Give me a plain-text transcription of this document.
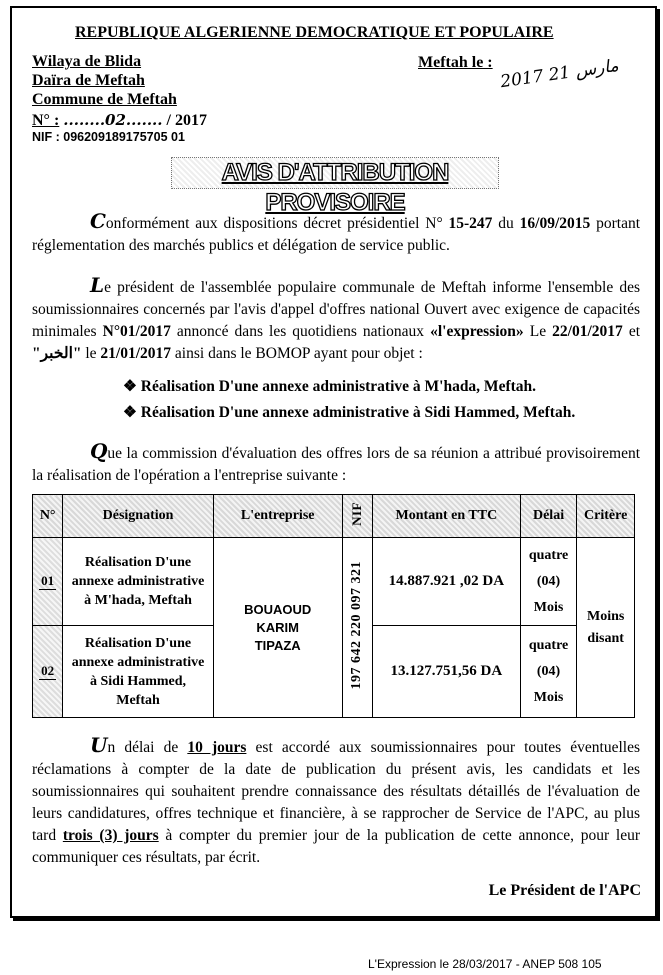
REPUBLIQUE ALGERIENNE DEMOCRATIQUE ET POPULAIRE
Wilaya de Blida
Daïra de Meftah
Commune de Meftah
N° : ........02....... / 2017
NIF : 096209189175705 01
Meftah le :
2017 مارس 21
AVIS D'ATTRIBUTION PROVISOIRE
Conformément aux dispositions décret présidentiel N° 15-247 du 16/09/2015 portant réglementation des marchés publics et délégation de service public.
Le président de l'assemblée populaire communale de Meftah informe l'ensemble des soumissionnaires concernés par l'avis d'appel d'offres national Ouvert avec exigence de capacités minimales N°01/2017 annoncé dans les quotidiens nationaux «l'expression» Le 22/01/2017 et "الخبر" le 21/01/2017 ainsi dans le BOMOP ayant pour objet :
❖ Réalisation D'une annexe administrative à M'hada, Meftah.
❖ Réalisation D'une annexe administrative à Sidi Hammed, Meftah.
Que la commission d'évaluation des offres lors de sa réunion a attribué provisoirement la réalisation de l'opération a l'entreprise suivante :
N°	Désignation	L'entreprise	NIF	Montant en TTC	Délai	Critère
01	Réalisation D'une annexe administrative à M'hada, Meftah	BOUAOUD KARIM TIPAZA	197 642 220 097 321	14.887.921 ,02 DA	quatre (04) Mois	Moins disant
02	Réalisation D'une annexe administrative à Sidi Hammed, Meftah			13.127.751,56 DA	quatre (04) Mois	
Un délai de 10 jours est accordé aux soumissionnaires pour toutes éventuelles réclamations à compter de la date de publication du présent avis, les candidats et les soumissionnaires qui souhaitent prendre connaissance des résultats détaillés de l'évaluation de leurs candidatures, offres technique et financière, à se rapprocher de Service de l'APC, au plus tard trois (3) jours à compter du premier jour de la publication de cette annonce, pour leur communiquer ces résultats, par écrit.
Le Président de l'APC
L'Expression le 28/03/2017 - ANEP 508 105
